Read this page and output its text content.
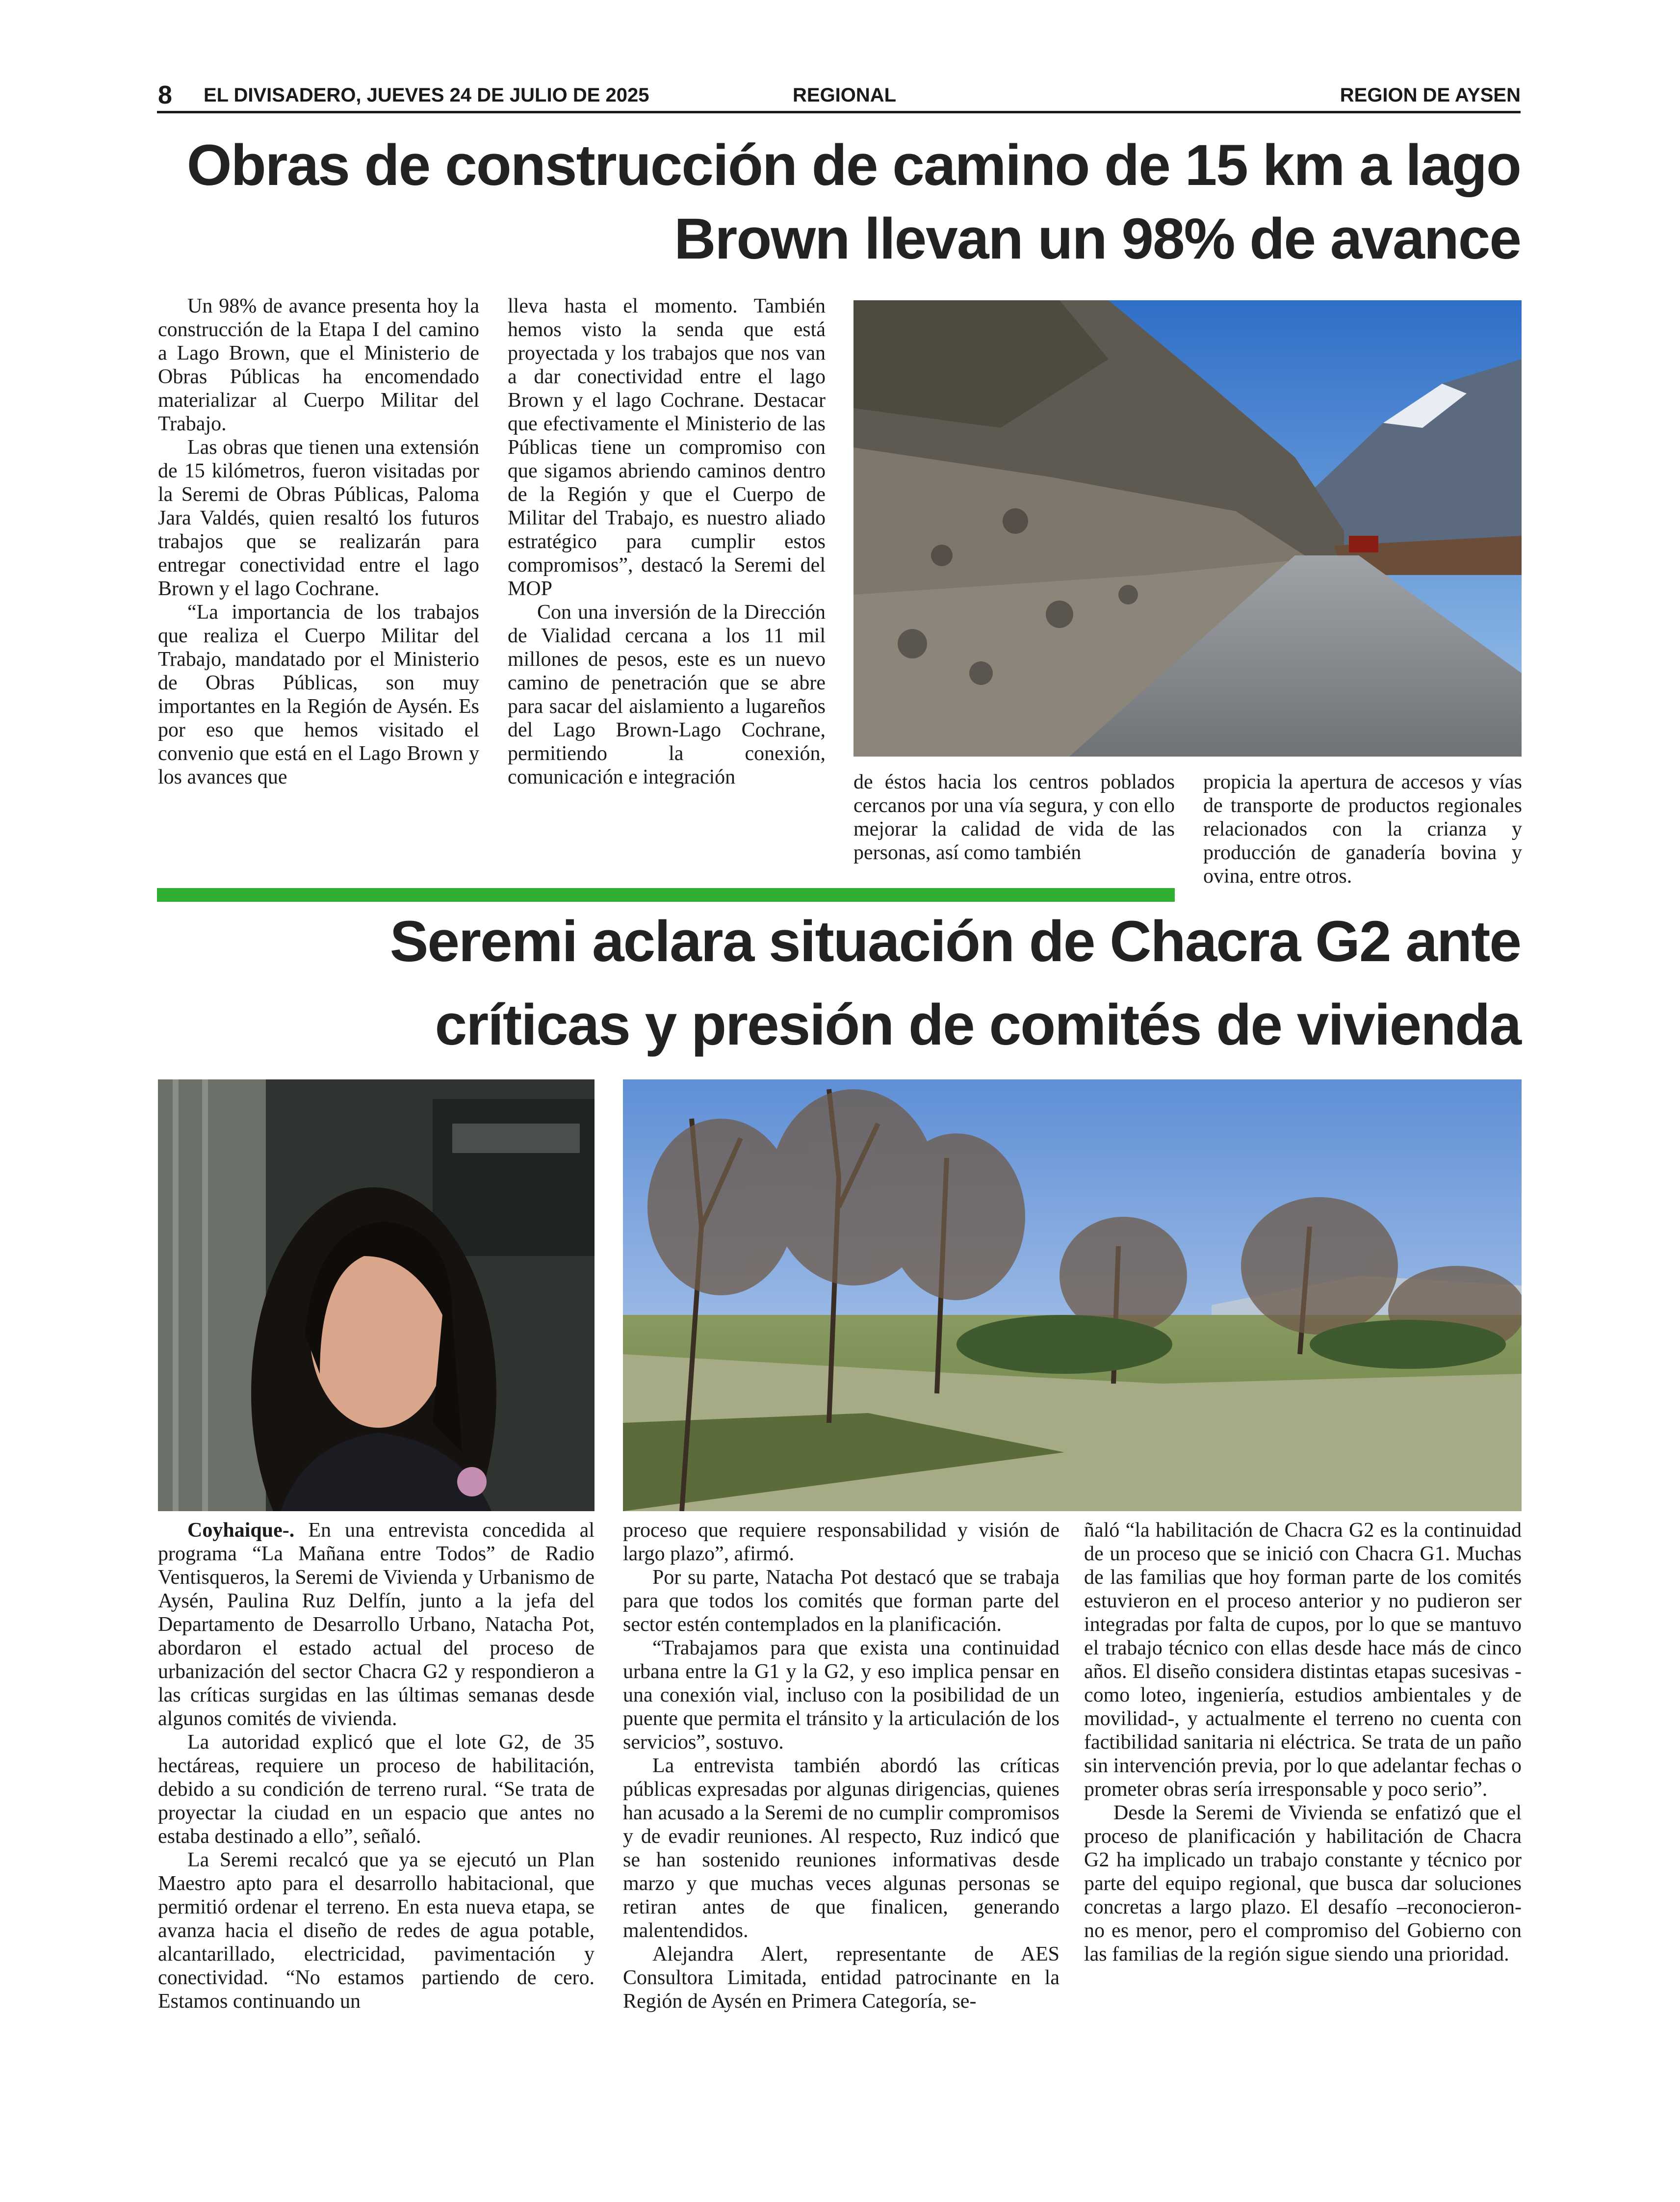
8 EL DIVISADERO, JUEVES 24 DE JULIO DE 2025	REGIONAL	REGION DE AYSEN
Obras de construcción de camino de 15 km a lago
Brown llevan un 98% de avance

Un 98% de avance presenta hoy la construcción de la Etapa I del camino a Lago Brown, que el Ministerio de Obras Públicas ha encomendado materializar al Cuerpo Militar del Trabajo.

Las obras que tienen una extensión de 15 kilómetros, fueron visitadas por la Seremi de Obras Públicas, Paloma Jara Valdés, quien resaltó los futuros trabajos que se realizarán para entregar conectividad entre el lago Brown y el lago Cochrane.

“La importancia de los trabajos que realiza el Cuerpo Militar del Trabajo, mandatado por el Ministerio de Obras Públicas, son muy importantes en la Región de Aysén. Es por eso que hemos visitado el convenio que está en el Lago Brown y los avances que

lleva hasta el momento. También hemos visto la senda que está proyectada y los trabajos que nos van a dar conectividad entre el lago Brown y el lago Cochrane. Destacar que efectivamente el Ministerio de las Públicas tiene un compromiso con que sigamos abriendo caminos dentro de la Región y que el Cuerpo de Militar del Trabajo, es nuestro aliado estratégico para cumplir estos compromisos”, destacó la Seremi del MOP

Con una inversión de la Dirección de Vialidad cercana a los 11 mil millones de pesos, este es un nuevo camino de penetración que se abre para sacar del aislamiento a lugareños del Lago Brown-Lago Cochrane, permitiendo la conexión, comunicación e integración	de éstos hacia los centros poblados cercanos por una vía segura, y con ello mejorar la calidad de vida de las personas, así como también

propicia la apertura de accesos y vías de transporte de productos regionales relacionados con la crianza y producción de ganadería bovina y ovina, entre otros.

Seremi aclara situación de Chacra G2 ante
críticas y presión de comités de vivienda

Coyhaique-. En una entrevista concedida al programa “La Mañana entre Todos” de Radio Ventisqueros, la Seremi de Vivienda y Urbanismo de Aysén, Paulina Ruz Delfín, junto a la jefa del Departamento de Desarrollo Urbano, Natacha Pot, abordaron el estado actual del proceso de urbanización del sector Chacra G2 y respondieron a las críticas surgidas en las últimas semanas desde algunos comités de vivienda.

La autoridad explicó que el lote G2, de 35 hectáreas, requiere un proceso de habilitación, debido a su condición de terreno rural. “Se trata de proyectar la ciudad en un espacio que antes no estaba destinado a ello”, señaló.

La Seremi recalcó que ya se ejecutó un Plan Maestro apto para el desarrollo habitacional, que permitió ordenar el terreno. En esta nueva etapa, se avanza hacia el diseño de redes de agua potable, alcantarillado, electricidad, pavimentación y conectividad. “No estamos partiendo de cero. Estamos continuando un

proceso que requiere responsabilidad y visión de largo plazo”, afirmó.

Por su parte, Natacha Pot destacó que se trabaja para que todos los comités que forman parte del sector estén contemplados en la planificación.

“Trabajamos para que exista una continuidad urbana entre la G1 y la G2, y eso implica pensar en una conexión vial, incluso con la posibilidad de un puente que permita el tránsito y la articulación de los servicios”, sostuvo.

La entrevista también abordó las críticas públicas expresadas por algunas dirigencias, quienes han acusado a la Seremi de no cumplir compromisos y de evadir reuniones. Al respecto, Ruz indicó que se han sostenido reuniones informativas desde marzo y que muchas veces algunas personas se retiran antes de que finalicen, generando malentendidos.

Alejandra Alert, representante de AES Consultora Limitada, entidad patrocinante en la Región de Aysén en Primera Categoría, se-

ñaló “la habilitación de Chacra G2 es la continuidad de un proceso que se inició con Chacra G1. Muchas de las familias que hoy forman parte de los comités estuvieron en el proceso anterior y no pudieron ser integradas por falta de cupos, por lo que se mantuvo el trabajo técnico con ellas desde hace más de cinco años. El diseño considera distintas etapas sucesivas -como loteo, ingeniería, estudios ambientales y de movilidad-, y actualmente el terreno no cuenta con factibilidad sanitaria ni eléctrica. Se trata de un paño sin intervención previa, por lo que adelantar fechas o prometer obras sería irresponsable y poco serio”.

Desde la Seremi de Vivienda se enfatizó que el proceso de planificación y habilitación de Chacra G2 ha implicado un trabajo constante y técnico por parte del equipo regional, que busca dar soluciones concretas a largo plazo. El desafío –reconocieron- no es menor, pero el compromiso del Gobierno con las familias de la región sigue siendo una prioridad.
